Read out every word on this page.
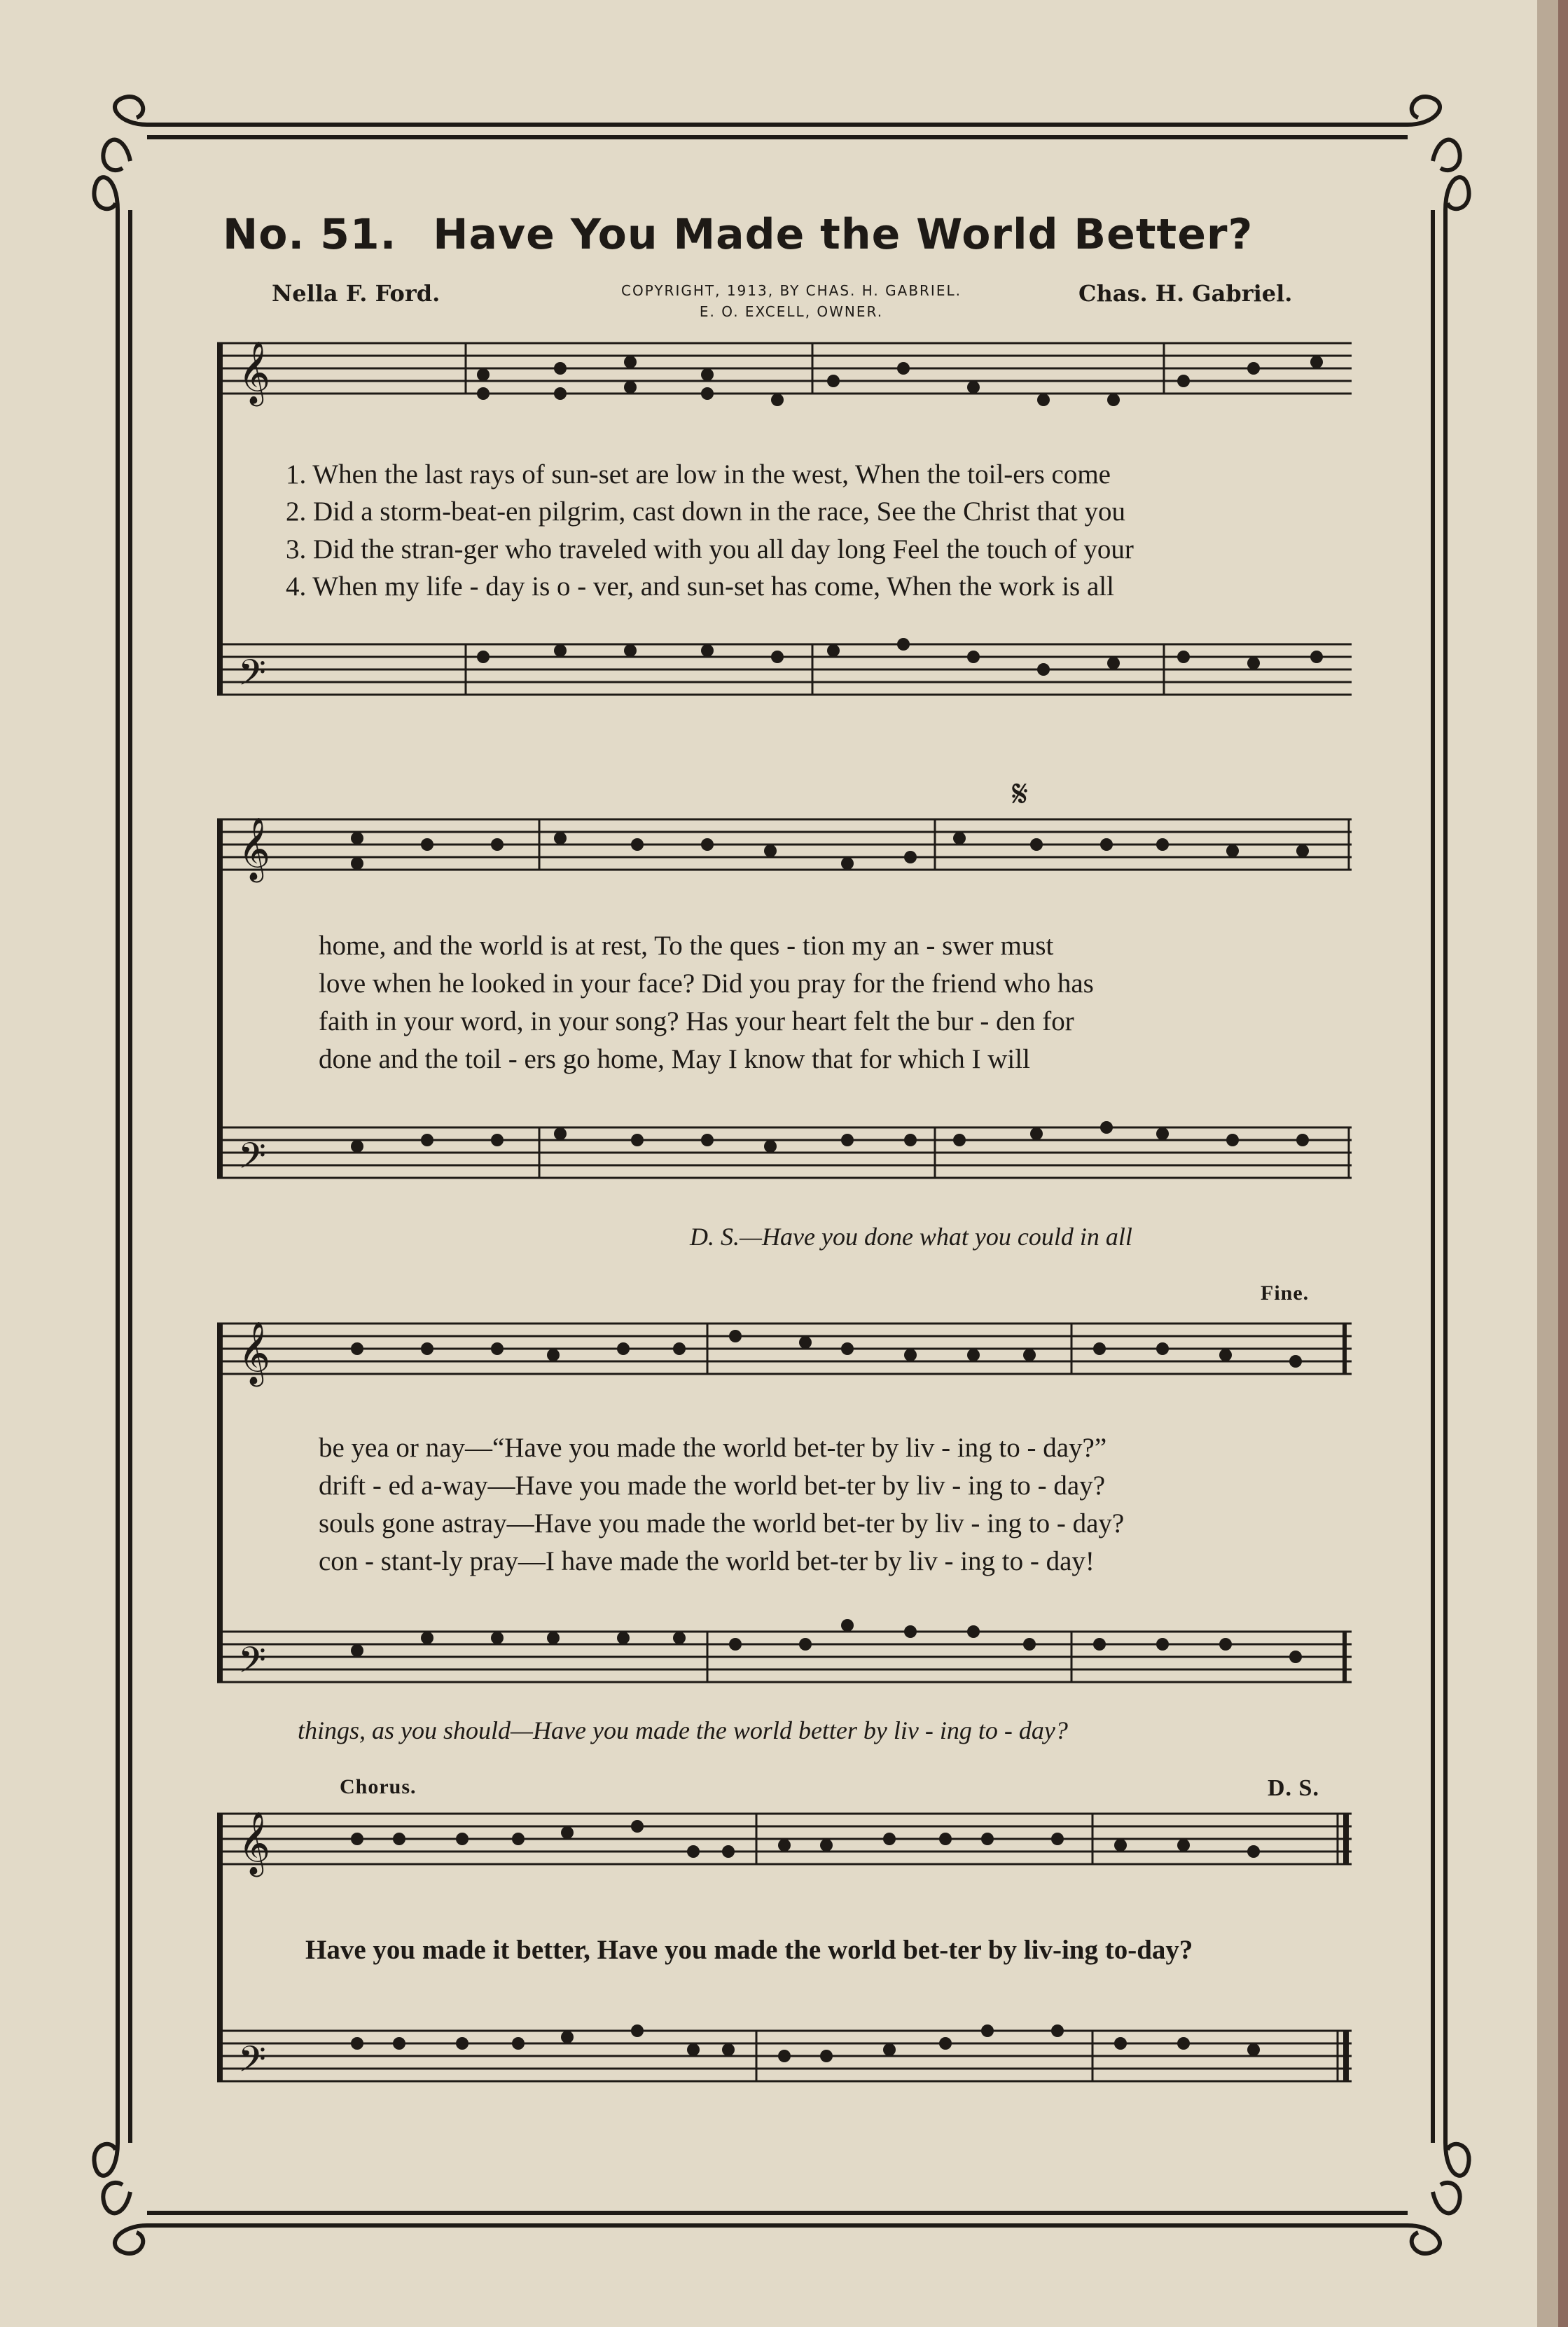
No. 51. Have You Made the World Better?
Nella F. Ford.	COPYRIGHT, 1913, BY CHAS. H. GABRIEL.
E. O. EXCELL, OWNER.
Chas. H. Gabriel.
𝄞
𝄢
1. When the last rays of sun-set are low in the west, When the toil-ers come
2. Did a storm-beat-en pilgrim, cast down in the race, See the Christ that you
3. Did the stran-ger who traveled with you all day long Feel the touch of your
4. When my life - day is o - ver, and sun-set has come, When the work is all
𝄞
𝄢
𝄋
home, and the world is at rest, To the ques - tion my an - swer must
love when he looked in your face? Did you pray for the friend who has
faith in your word, in your song? Has your heart felt the bur - den for
done and the toil - ers go home, May I know that for which I will
D. S.—Have you done what you could in all
Fine.
𝄞
𝄢
be yea or nay—“Have you made the world bet-ter by liv - ing to - day?”
drift - ed a-way—Have you made the world bet-ter by liv - ing to - day?
souls gone astray—Have you made the world bet-ter by liv - ing to - day?
con - stant-ly pray—I have made the world bet-ter by liv - ing to - day!
things, as you should—Have you made the world better by liv - ing to - day?
Chorus.	D. S.
𝄞
𝄢
Have you made it better, Have you made the world bet-ter by liv-ing to-day?
